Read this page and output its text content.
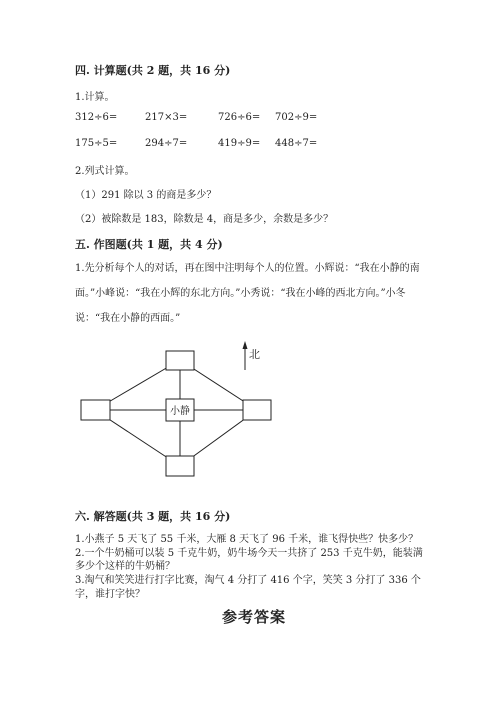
四. 计算题(共 2 题，共 16 分)
1.计算。
312÷6=	217×3=	726÷6= 702÷9=
175÷5=	294÷7=	419÷9= 448÷7=
2.列式计算。
（1）291 除以 3 的商是多少？
（2）被除数是 183，除数是 4，商是多少，余数是多少？
五. 作图题(共 1 题，共 4 分)
1.先分析每个人的对话，再在图中注明每个人的位置。小辉说：“我在小静的南面。”小峰说：“我在小辉的东北方向。”小秀说：“我在小峰的西北方向。”小冬说：“我在小静的西面。”
小静
北
六. 解答题(共 3 题，共 16 分)
1.小燕子 5 天飞了 55 千米，大雁 8 天飞了 96 千米，谁飞得快些？快多少？
2.一个牛奶桶可以装 5 千克牛奶，奶牛场今天一共挤了 253 千克牛奶，能装满
多少个这样的牛奶桶？
3.淘气和笑笑进行打字比赛，淘气 4 分打了 416 个字，笑笑 3 分打了 336 个
字，谁打字快？
参考答案
